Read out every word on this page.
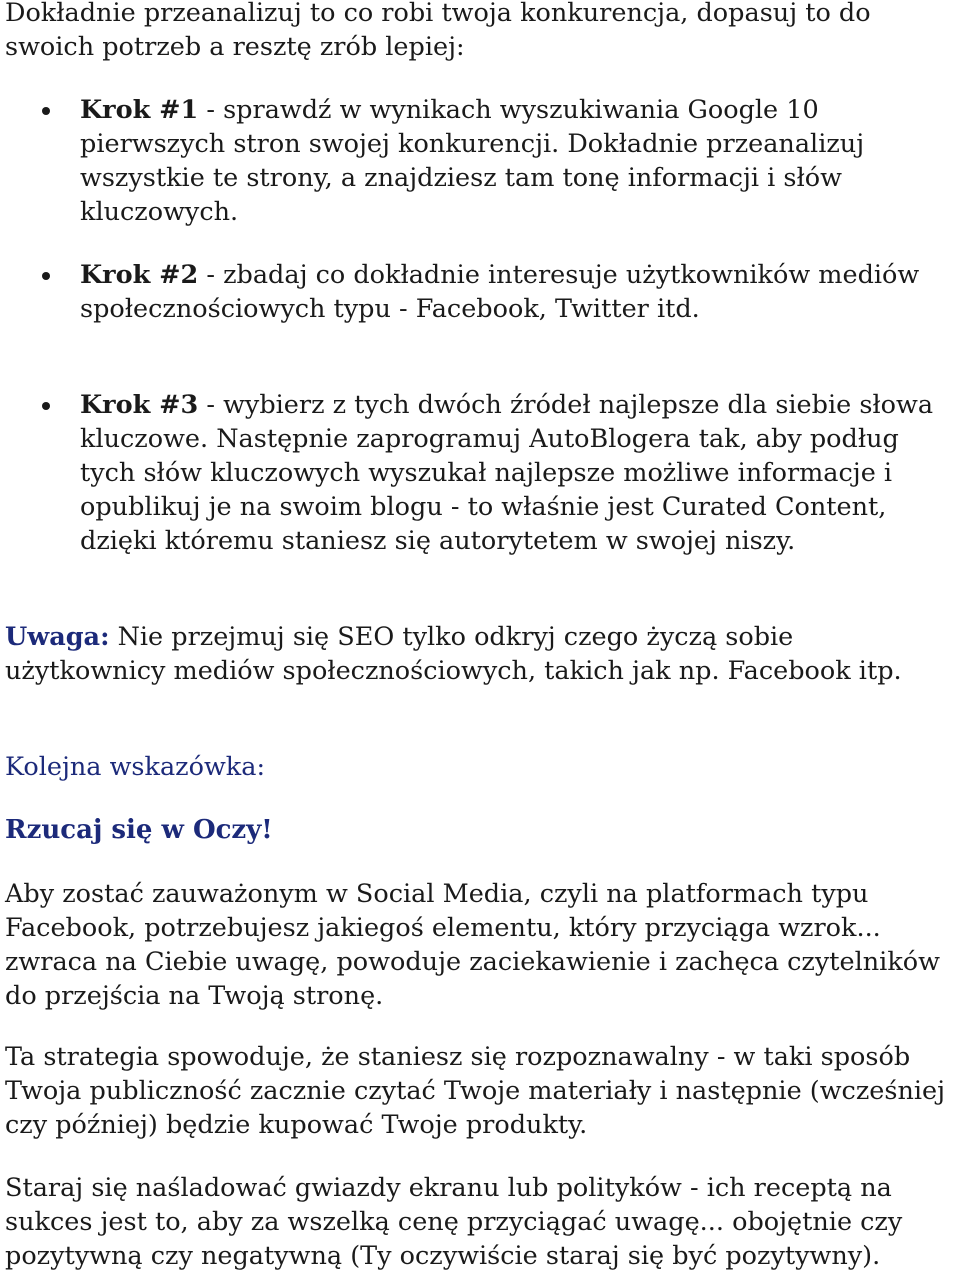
Dokładnie przeanalizuj to co robi twoja konkurencja, dopasuj to do swoich potrzeb a resztę zrób lepiej:

Krok #1 - sprawdź w wynikach wyszukiwania Google 10 pierwszych stron swojej konkurencji. Dokładnie przeanalizuj wszystkie te strony, a znajdziesz tam tonę informacji i słów kluczowych.
Krok #2 - zbadaj co dokładnie interesuje użytkowników mediów społecznościowych typu - Facebook, Twitter itd.
Krok #3 - wybierz z tych dwóch źródeł najlepsze dla siebie słowa kluczowe. Następnie zaprogramuj AutoBlogera tak, aby podług tych słów kluczowych wyszukał najlepsze możliwe informacje i opublikuj je na swoim blogu - to właśnie jest Curated Content, dzięki któremu staniesz się autorytetem w swojej niszy.

Uwaga: Nie przejmuj się SEO tylko odkryj czego życzą sobie użytkownicy mediów społecznościowych, takich jak np. Facebook itp.

Kolejna wskazówka:

Rzucaj się w Oczy!

Aby zostać zauważonym w Social Media, czyli na platformach typu Facebook, potrzebujesz jakiegoś elementu, który przyciąga wzrok... zwraca na Ciebie uwagę, powoduje zaciekawienie i zachęca czytelników do przejścia na Twoją stronę.

Ta strategia spowoduje, że staniesz się rozpoznawalny - w taki sposób Twoja publiczność zacznie czytać Twoje materiały i następnie (wcześniej czy później) będzie kupować Twoje produkty.

Staraj się naśladować gwiazdy ekranu lub polityków - ich receptą na sukces jest to, aby za wszelką cenę przyciągać uwagę... obojętnie czy pozytywną czy negatywną (Ty oczywiście staraj się być pozytywny).
